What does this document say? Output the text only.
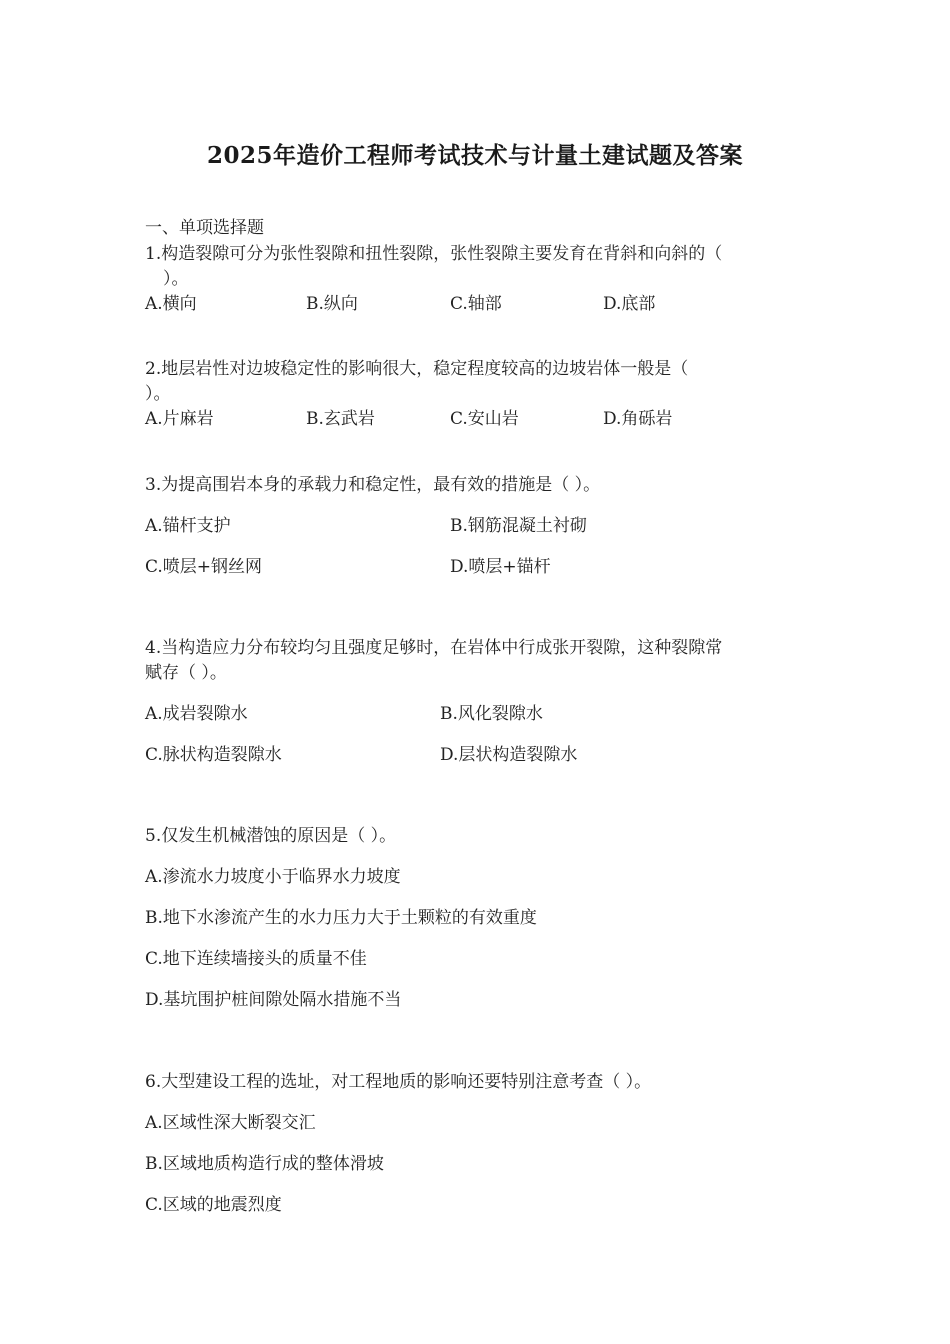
2025年造价工程师考试技术与计量土建试题及答案
一、单项选择题
1.构造裂隙可分为张性裂隙和扭性裂隙，张性裂隙主要发育在背斜和向斜的（
）。
A.横向	B.纵向	C.轴部	D.底部
2.地层岩性对边坡稳定性的影响很大，稳定程度较高的边坡岩体一般是（
）。
A.片麻岩	B.玄武岩	C.安山岩	D.角砾岩
3.为提高围岩本身的承载力和稳定性，最有效的措施是（ ）。
A.锚杆支护	B.钢筋混凝土衬砌
C.喷层+钢丝网	D.喷层+锚杆
4.当构造应力分布较均匀且强度足够时，在岩体中行成张开裂隙，这种裂隙常
赋存（ ）。
A.成岩裂隙水	B.风化裂隙水
C.脉状构造裂隙水	D.层状构造裂隙水
5.仅发生机械潜蚀的原因是（ ）。
A.渗流水力坡度小于临界水力坡度
B.地下水渗流产生的水力压力大于土颗粒的有效重度
C.地下连续墙接头的质量不佳
D.基坑围护桩间隙处隔水措施不当
6.大型建设工程的选址，对工程地质的影响还要特别注意考查（ ）。
A.区域性深大断裂交汇
B.区域地质构造行成的整体滑坡
C.区域的地震烈度
